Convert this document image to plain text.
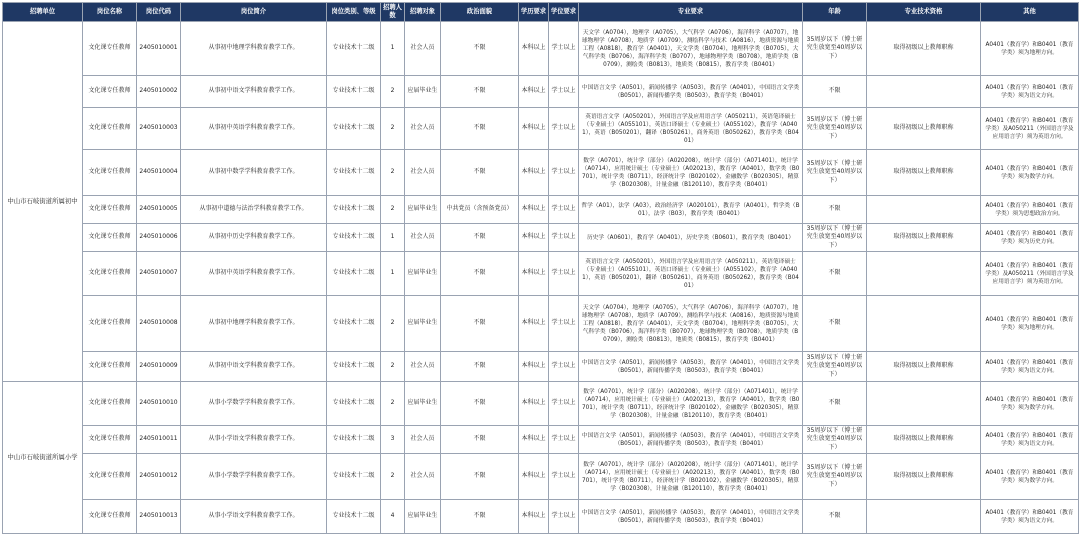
招聘单位	岗位名称	岗位代码	岗位简介	岗位类别、等级	招聘人数	招聘对象	政治面貌	学历要求	学位要求	专业要求	年龄	专业技术资格	其他
中山市石岐街道所属初中	文化课专任教师	2405010001	从事初中地理学科教育教学工作。	专业技术十二级	1	社会人员	不限	本科以上	学士以上	天文学（A0704），地理学（A0705），大气科学（A0706），海洋科学（A0707），地球物理学（A0708），地质学（A0709），测绘科学与技术（A0816），地质资源与地质工程（A0818），教育学（A0401），天文学类（B0704），地理科学类（B0705），大气科学类（B0706），海洋科学类（B0707），地球物理学类（B0708），地质学类（B0709），测绘类（B0813），地质类（B0815），教育学类（B0401）	35周岁以下（博士研究生放宽至40周岁以下）	取得初级以上教师职称	A0401（教育学）和B0401（教育学类）须为地理方向。
	文化课专任教师	2405010002	从事初中语文学科教育教学工作。	专业技术十二级	2	应届毕业生	不限	本科以上	学士以上	中国语言文学（A0501），新闻传播学（A0503），教育学（A0401），中国语言文学类（B0501），新闻传播学类（B0503），教育学类（B0401）	不限		A0401（教育学）和B0401（教育学类）须为语文方向。
	文化课专任教师	2405010003	从事初中英语学科教育教学工作。	专业技术十二级	2	社会人员	不限	本科以上	学士以上	英语语言文学（A050201），外国语言学及应用语言学（A050211），英语笔译硕士（专业硕士）（A055101），英语口译硕士（专业硕士）（A055102），教育学（A0401），英语（B050201），翻译（B050261），商务英语（B050262），教育学类（B0401）	35周岁以下（博士研究生放宽至40周岁以下）	取得初级以上教师职称	A0401（教育学）和B0401（教育学类）及A050211（外国语言学及应用语言学）须为英语方向。
	文化课专任教师	2405010004	从事初中数学学科教育教学工作。	专业技术十二级	2	社会人员	不限	本科以上	学士以上	数学（A0701），统计学（部分）（A020208），统计学（部分）（A071401），统计学（A0714），应用统计硕士（专业硕士）（A020213），教育学（A0401），数学类（B0701），统计学类（B0711），经济统计学（B020102），金融数学（B020305），精算学（B020308），计量金融（B120110），教育学类（B0401）	35周岁以下（博士研究生放宽至40周岁以下）	取得初级以上教师职称	A0401（教育学）和B0401（教育学类）须为数学方向。
	文化课专任教师	2405010005	从事初中道德与法治学科教育教学工作。	专业技术十二级	2	应届毕业生	中共党员（含预备党员）	本科以上	学士以上	哲学（A01），法学（A03），政治经济学（A020101），教育学（A0401），哲学类（B01），法学（B03），教育学类（B0401）	不限		A0401（教育学）和B0401（教育学类）须为思想政治方向。
	文化课专任教师	2405010006	从事初中历史学科教育教学工作。	专业技术十二级	1	社会人员	不限	本科以上	学士以上	历史学（A0601），教育学（A0401），历史学类（B0601），教育学类（B0401）	35周岁以下（博士研究生放宽至40周岁以下）	取得初级以上教师职称	A0401（教育学）和B0401（教育学类）须为历史方向。
	文化课专任教师	2405010007	从事初中英语学科教育教学工作。	专业技术十二级	1	应届毕业生	不限	本科以上	学士以上	英语语言文学（A050201），外国语言学及应用语言学（A050211），英语笔译硕士（专业硕士）（A055101），英语口译硕士（专业硕士）（A055102），教育学（A0401），英语（B050201），翻译（B050261），商务英语（B050262），教育学类（B0401）	不限		A0401（教育学）和B0401（教育学类）及A050211（外国语言学及应用语言学）须为英语方向。
	文化课专任教师	2405010008	从事初中地理学科教育教学工作。	专业技术十二级	2	应届毕业生	不限	本科以上	学士以上	天文学（A0704），地理学（A0705），大气科学（A0706），海洋科学（A0707），地球物理学（A0708），地质学（A0709），测绘科学与技术（A0816），地质资源与地质工程（A0818），教育学（A0401），天文学类（B0704），地理科学类（B0705），大气科学类（B0706），海洋科学类（B0707），地球物理学类（B0708），地质学类（B0709），测绘类（B0813），地质类（B0815），教育学类（B0401）	不限		A0401（教育学）和B0401（教育学类）须为地理方向。
	文化课专任教师	2405010009	从事初中语文学科教育教学工作。	专业技术十二级	2	社会人员	不限	本科以上	学士以上	中国语言文学（A0501），新闻传播学（A0503），教育学（A0401），中国语言文学类（B0501），新闻传播学类（B0503），教育学类（B0401）	35周岁以下（博士研究生放宽至40周岁以下）	取得初级以上教师职称	A0401（教育学）和B0401（教育学类）须为语文方向。
中山市石岐街道所属小学	文化课专任教师	2405010010	从事小学数学学科教育教学工作。	专业技术十二级	2	应届毕业生	不限	本科以上	学士以上	数学（A0701），统计学（部分）（A020208），统计学（部分）（A071401），统计学（A0714），应用统计硕士（专业硕士）（A020213），教育学（A0401），数学类（B0701），统计学类（B0711），经济统计学（B020102），金融数学（B020305），精算学（B020308），计量金融（B120110），教育学类（B0401）	不限		A0401（教育学）和B0401（教育学类）须为数学方向。
	文化课专任教师	2405010011	从事小学语文学科教育教学工作。	专业技术十二级	3	社会人员	不限	本科以上	学士以上	中国语言文学（A0501），新闻传播学（A0503），教育学（A0401），中国语言文学类（B0501），新闻传播学类（B0503），教育学类（B0401）	35周岁以下（博士研究生放宽至40周岁以下）	取得初级以上教师职称	A0401（教育学）和B0401（教育学类）须为语文方向。
	文化课专任教师	2405010012	从事小学数学学科教育教学工作。	专业技术十二级	2	社会人员	不限	本科以上	学士以上	数学（A0701），统计学（部分）（A020208），统计学（部分）（A071401），统计学（A0714），应用统计硕士（专业硕士）（A020213），教育学（A0401），数学类（B0701），统计学类（B0711），经济统计学（B020102），金融数学（B020305），精算学（B020308），计量金融（B120110），教育学类（B0401）	35周岁以下（博士研究生放宽至40周岁以下）	取得初级以上教师职称	A0401（教育学）和B0401（教育学类）须为数学方向。
	文化课专任教师	2405010013	从事小学语文学科教育教学工作。	专业技术十二级	4	应届毕业生	不限	本科以上	学士以上	中国语言文学（A0501），新闻传播学（A0503），教育学（A0401），中国语言文学类（B0501），新闻传播学类（B0503），教育学类（B0401）	不限		A0401（教育学）和B0401（教育学类）须为语文方向。
